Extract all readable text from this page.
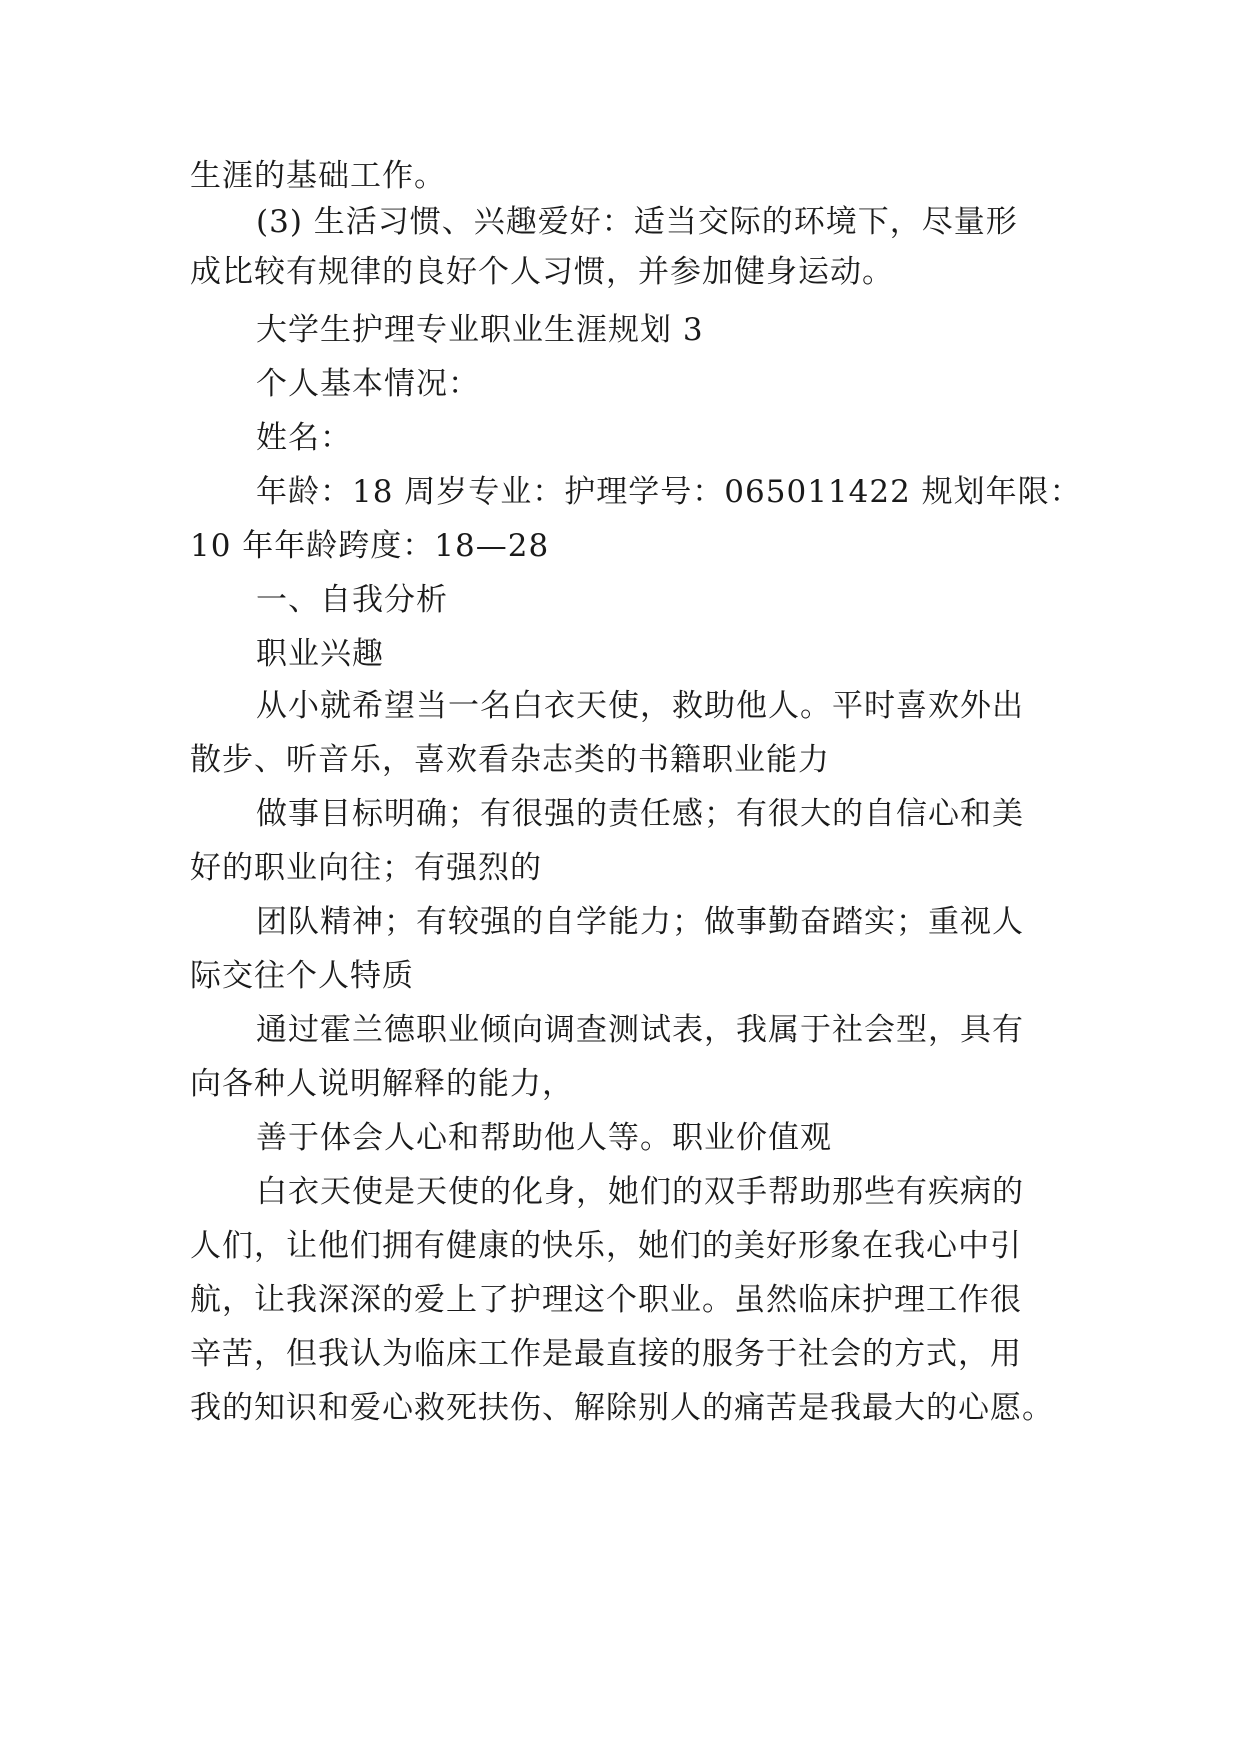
生涯的基础工作。
(3) 生活习惯、兴趣爱好：适当交际的环境下，尽量形
成比较有规律的良好个人习惯，并参加健身运动。
大学生护理专业职业生涯规划 3
个人基本情况：
姓名：
年龄：18 周岁专业：护理学号：065011422 规划年限：
10 年年龄跨度：18—28
一、自我分析
职业兴趣
从小就希望当一名白衣天使，救助他人。平时喜欢外出
散步、听音乐，喜欢看杂志类的书籍职业能力
做事目标明确；有很强的责任感；有很大的自信心和美
好的职业向往；有强烈的
团队精神；有较强的自学能力；做事勤奋踏实；重视人
际交往个人特质
通过霍兰德职业倾向调查测试表，我属于社会型，具有
向各种人说明解释的能力，
善于体会人心和帮助他人等。职业价值观
白衣天使是天使的化身，她们的双手帮助那些有疾病的
人们，让他们拥有健康的快乐，她们的美好形象在我心中引
航，让我深深的爱上了护理这个职业。虽然临床护理工作很
辛苦，但我认为临床工作是最直接的服务于社会的方式，用
我的知识和爱心救死扶伤、解除别人的痛苦是我最大的心愿。
